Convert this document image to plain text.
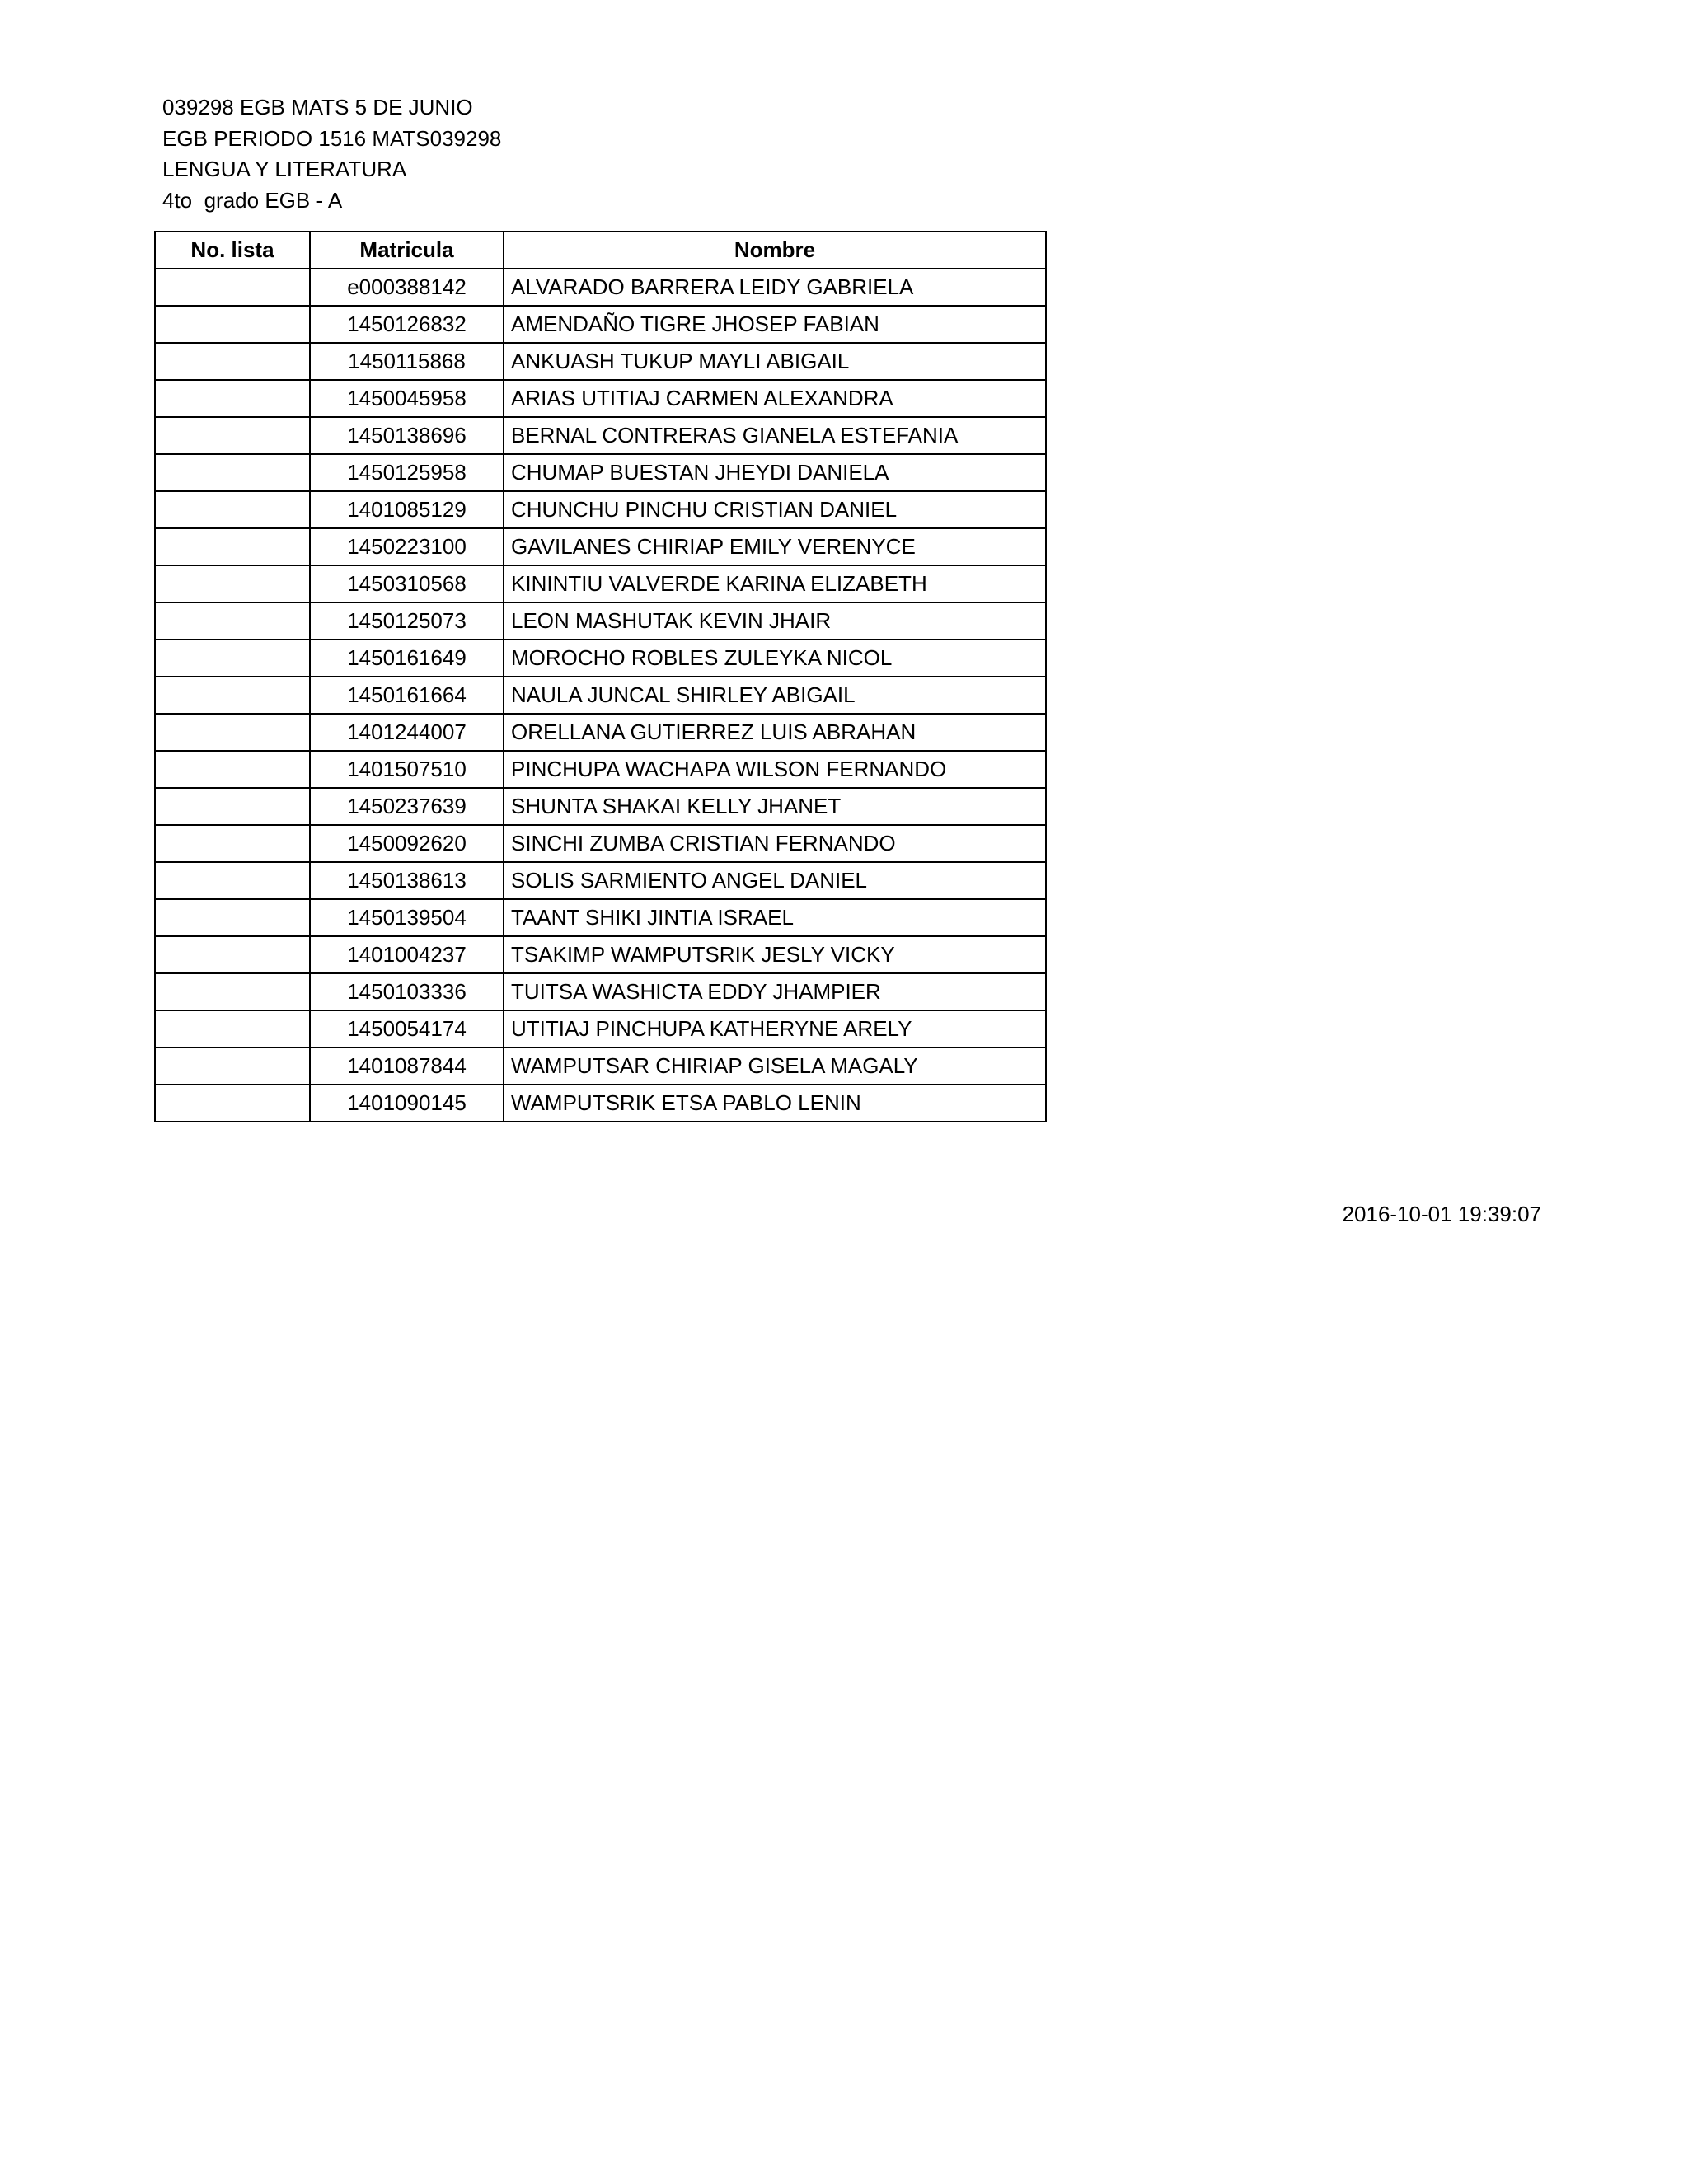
039298 EGB MATS 5 DE JUNIO
EGB PERIODO 1516 MATS039298
LENGUA Y LITERATURA
4to  grado EGB - A
No. lista	Matricula	Nombre
	e000388142	ALVARADO BARRERA LEIDY GABRIELA
	1450126832	AMENDAÑO TIGRE JHOSEP FABIAN
	1450115868	ANKUASH TUKUP MAYLI ABIGAIL
	1450045958	ARIAS UTITIAJ CARMEN ALEXANDRA
	1450138696	BERNAL CONTRERAS GIANELA ESTEFANIA
	1450125958	CHUMAP BUESTAN JHEYDI DANIELA
	1401085129	CHUNCHU PINCHU CRISTIAN DANIEL
	1450223100	GAVILANES CHIRIAP EMILY VERENYCE
	1450310568	KININTIU VALVERDE KARINA ELIZABETH
	1450125073	LEON MASHUTAK KEVIN JHAIR
	1450161649	MOROCHO ROBLES ZULEYKA NICOL
	1450161664	NAULA JUNCAL SHIRLEY ABIGAIL
	1401244007	ORELLANA GUTIERREZ LUIS ABRAHAN
	1401507510	PINCHUPA WACHAPA WILSON FERNANDO
	1450237639	SHUNTA SHAKAI KELLY JHANET
	1450092620	SINCHI ZUMBA CRISTIAN FERNANDO
	1450138613	SOLIS SARMIENTO ANGEL DANIEL
	1450139504	TAANT SHIKI JINTIA ISRAEL
	1401004237	TSAKIMP WAMPUTSRIK JESLY VICKY
	1450103336	TUITSA WASHICTA EDDY JHAMPIER
	1450054174	UTITIAJ PINCHUPA KATHERYNE ARELY
	1401087844	WAMPUTSAR CHIRIAP GISELA MAGALY
	1401090145	WAMPUTSRIK ETSA PABLO LENIN
2016-10-01 19:39:07
